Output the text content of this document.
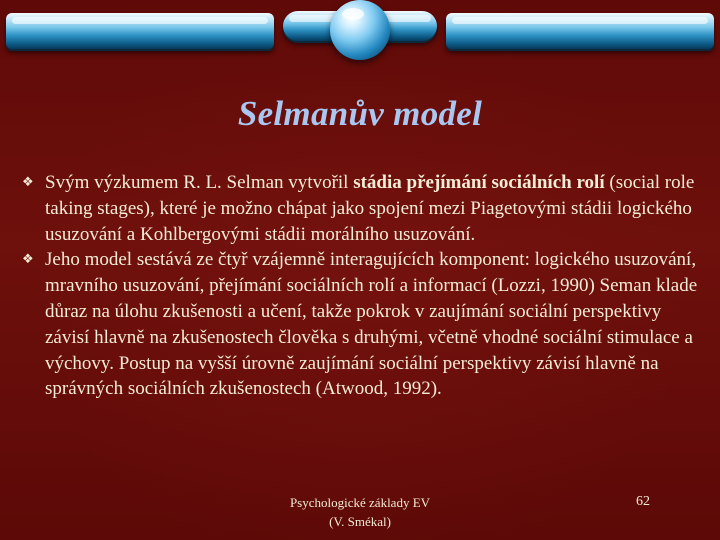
Selmanův model
❖ Svým výzkumem R. L. Selman vytvořil stádia přejímání sociálních rolí (social role taking stages), které je možno chápat jako spojení mezi Piagetovými stádii logického usuzování a Kohlbergovými stádii morálního usuzování.
❖ Jeho model sestává ze čtyř vzájemně interagujících komponent: logického usuzování, mravního usuzování, přejímání sociálních rolí a informací (Lozzi, 1990) Seman klade důraz na úlohu zkušenosti a učení, takže pokrok v zaujímání sociální perspektivy závisí hlavně na zkušenostech člověka s druhými, včetně vhodné sociální stimulace a výchovy. Postup na vyšší úrovně zaujímání sociální perspektivy závisí hlavně na správných sociálních zkušenostech (Atwood, 1992).
Psychologické základy EV
(V. Smékal)
62
